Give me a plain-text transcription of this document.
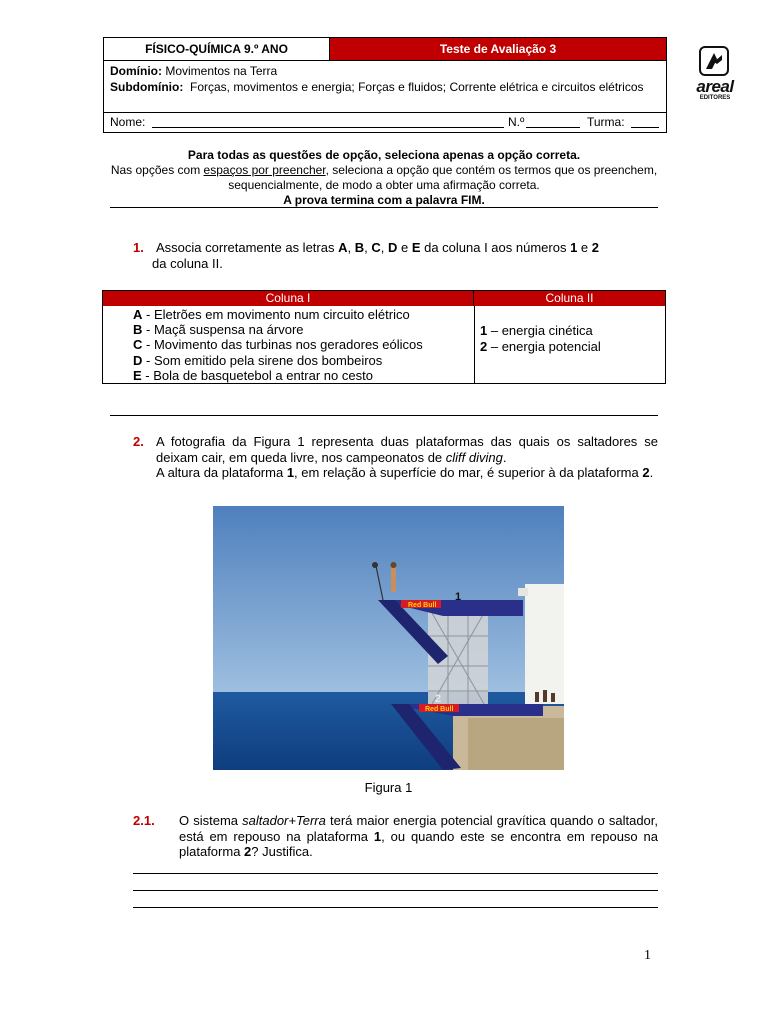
FÍSICO-QUÍMICA 9.º ANO	Teste de Avaliação 3
Domínio: Movimentos na Terra
Subdomínio: Forças, movimentos e energia; Forças e fluidos; Corrente elétrica e circuitos elétricos
Nome:	N.º	Turma:
areal
EDITORES
Para todas as questões de opção, seleciona apenas a opção correta.
Nas opções com espaços por preencher, seleciona a opção que contém os termos que os preenchem, sequencialmente, de modo a obter uma afirmação correta.
A prova termina com a palavra FIM.
1. Associa corretamente as letras A, B, C, D e E da coluna I aos números 1 e 2
da coluna II.
Coluna I	Coluna II
A - Eletrões em movimento num circuito elétrico
B - Maçã suspensa na árvore
C - Movimento das turbinas nos geradores eólicos
D - Som emitido pela sirene dos bombeiros
E - Bola de basquetebol a entrar no cesto
1 – energia cinética
2 – energia potencial
2. A fotografia da Figura 1 representa duas plataformas das quais os saltadores se deixam cair, em queda livre, nos campeonatos de cliff diving.
A altura da plataforma 1, em relação à superfície do mar, é superior à da plataforma 2.
Red Bull
Red Bull
1
2
Figura 1
2.1. O sistema saltador+Terra terá maior energia potencial gravítica quando o saltador, está em repouso na plataforma 1, ou quando este se encontra em repouso na plataforma 2? Justifica.
1
